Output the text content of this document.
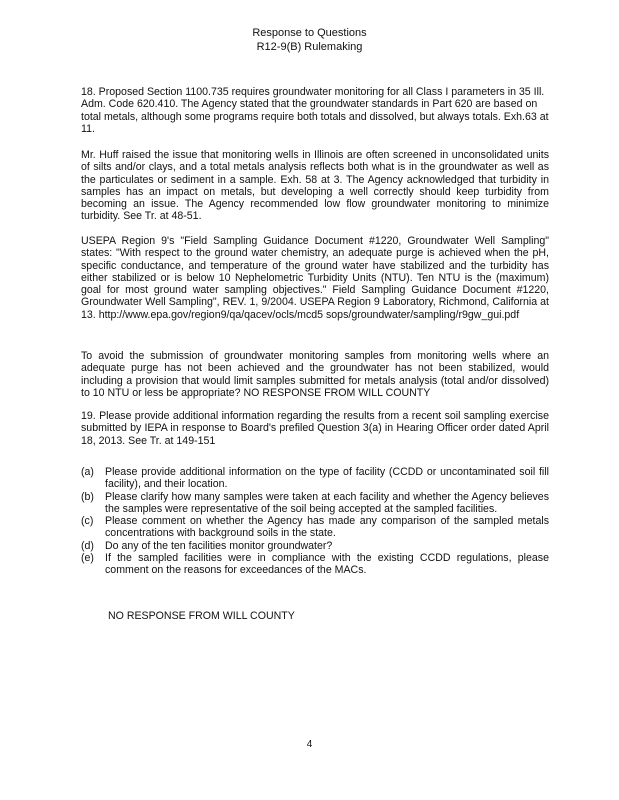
Response to Questions
R12-9(B) Rulemaking

18. Proposed Section 1100.735 requires groundwater monitoring for all Class I parameters in 35 Ill. Adm. Code 620.410. The Agency stated that the groundwater standards in Part 620 are based on total metals, although some programs require both totals and dissolved, but always totals. Exh.63 at 11.

Mr. Huff raised the issue that monitoring wells in Illinois are often screened in unconsolidated units of silts and/or clays, and a total metals analysis reflects both what is in the groundwater as well as the particulates or sediment in a sample. Exh. 58 at 3. The Agency acknowledged that turbidity in samples has an impact on metals, but developing a well correctly should keep turbidity from becoming an issue. The Agency recommended low flow groundwater monitoring to minimize turbidity. See Tr. at 48-51.

USEPA Region 9's "Field Sampling Guidance Document #1220, Groundwater Well Sampling" states: "With respect to the ground water chemistry, an adequate purge is achieved when the pH, specific conductance, and temperature of the ground water have stabilized and the turbidity has either stabilized or is below 10 Nephelometric Turbidity Units (NTU). Ten NTU is the (maximum) goal for most ground water sampling objectives." Field Sampling Guidance Document #1220, Groundwater Well Sampling", REV. 1, 9/2004. USEPA Region 9 Laboratory, Richmond, California at 13. http://www.epa.gov/region9/qa/qacev/ocls/mcd5 sops/groundwater/sampling/r9gw_gui.pdf

To avoid the submission of groundwater monitoring samples from monitoring wells where an adequate purge has not been achieved and the groundwater has not been stabilized, would including a provision that would limit samples submitted for metals analysis (total and/or dissolved) to 10 NTU or less be appropriate? NO RESPONSE FROM WILL COUNTY

19. Please provide additional information regarding the results from a recent soil sampling exercise submitted by IEPA in response to Board's prefiled Question 3(a) in Hearing Officer order dated April 18, 2013. See Tr. at 149-151

(a) Please provide additional information on the type of facility (CCDD or uncontaminated soil fill facility), and their location.
(b) Please clarify how many samples were taken at each facility and whether the Agency believes the samples were representative of the soil being accepted at the sampled facilities.
(c) Please comment on whether the Agency has made any comparison of the sampled metals concentrations with background soils in the state.
(d) Do any of the ten facilities monitor groundwater?
(e) If the sampled facilities were in compliance with the existing CCDD regulations, please comment on the reasons for exceedances of the MACs.
NO RESPONSE FROM WILL COUNTY
4
